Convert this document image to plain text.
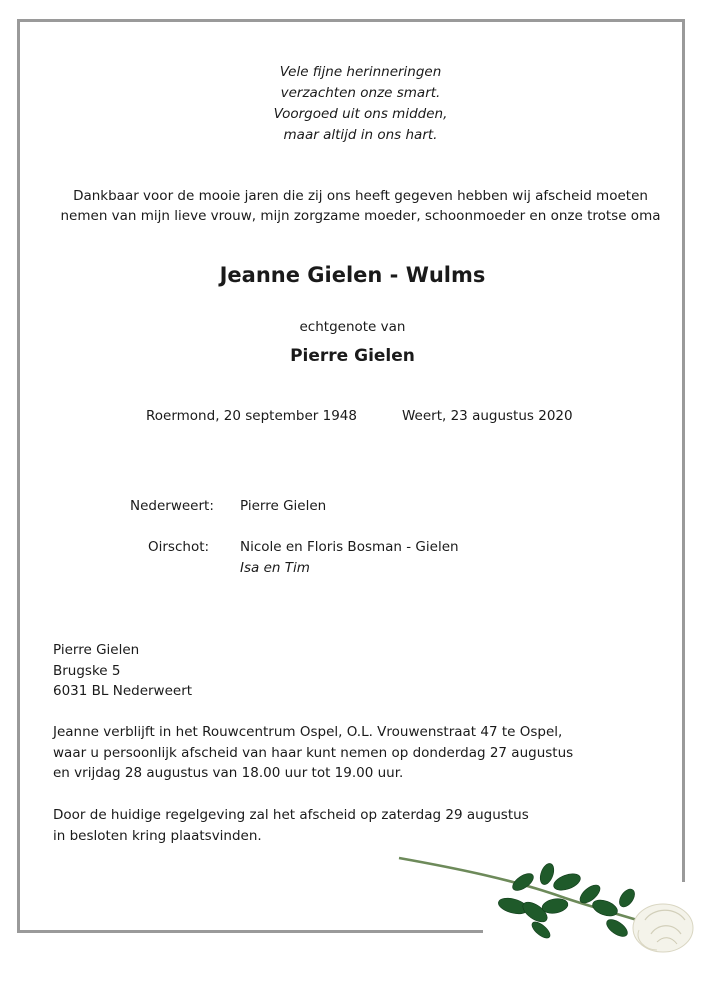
Vele fijne herinneringen
verzachten onze smart.
Voorgoed uit ons midden,
maar altijd in ons hart.
Dankbaar voor de mooie jaren die zij ons heeft gegeven hebben wij afscheid moeten
nemen van mijn lieve vrouw, mijn zorgzame moeder, schoonmoeder en onze trotse oma
Jeanne Gielen - Wulms
echtgenote van
Pierre Gielen
Roermond, 20 september 1948	Weert, 23 augustus 2020
Nederweert: Pierre Gielen
Oirschot: Nicole en Floris Bosman - Gielen
Isa en Tim
Pierre Gielen
Brugske 5
6031 BL Nederweert
Jeanne verblijft in het Rouwcentrum Ospel, O.L. Vrouwenstraat 47 te Ospel,
waar u persoonlijk afscheid van haar kunt nemen op donderdag 27 augustus
en vrijdag 28 augustus van 18.00 uur tot 19.00 uur.
Door de huidige regelgeving zal het afscheid op zaterdag 29 augustus
in besloten kring plaatsvinden.
